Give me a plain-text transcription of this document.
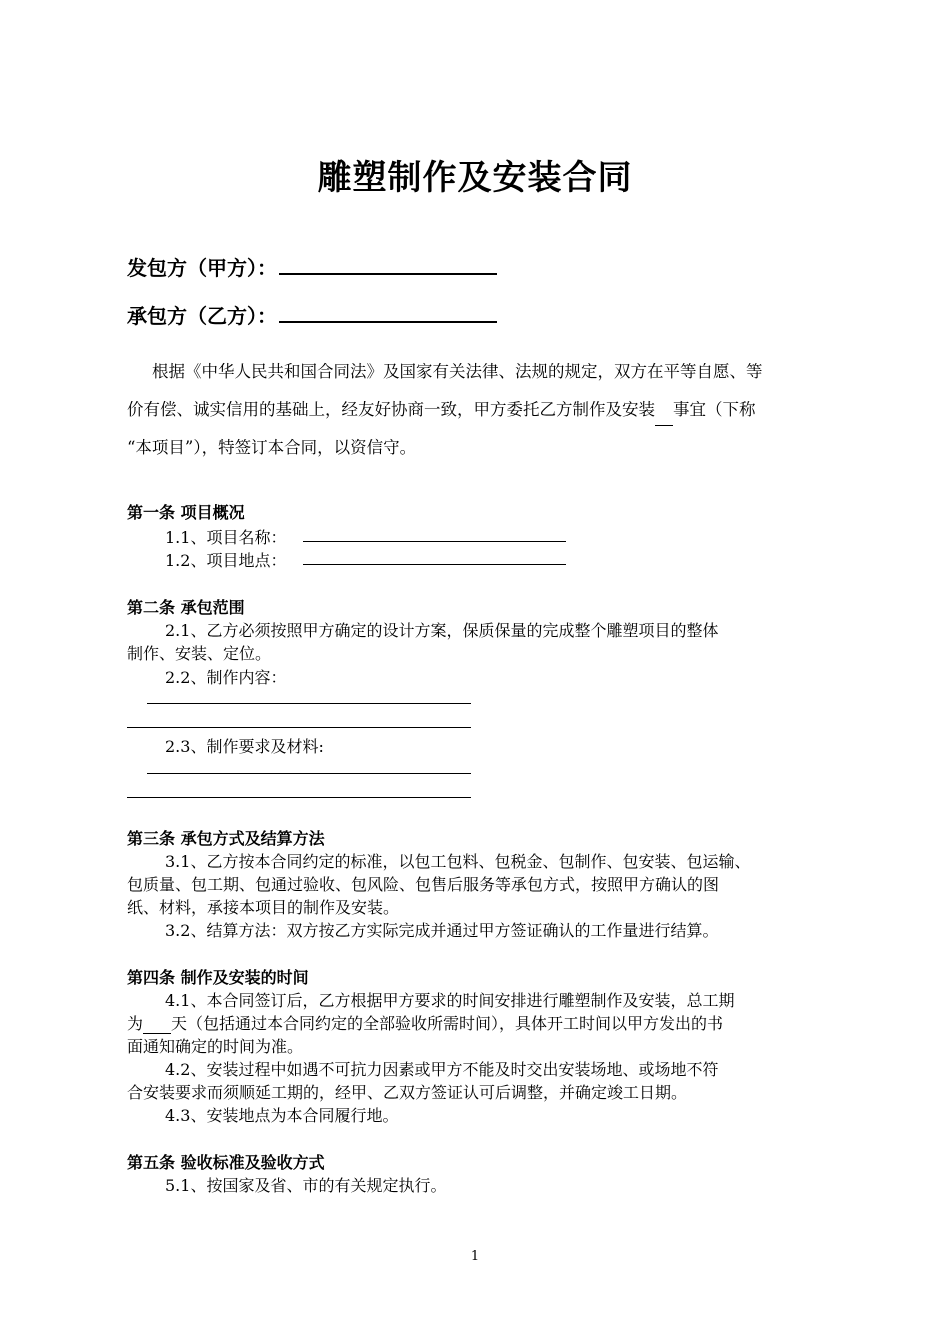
雕塑制作及安装合同
发包方（甲方）：
承包方（乙方）：
根据《中华人民共和国合同法》及国家有关法律、法规的规定，双方在平等自愿、等
价有偿、诚实信用的基础上，经友好协商一致，甲方委托乙方制作及安装 事宜（下称
“本项目”），特签订本合同，以资信守。
第一条 项目概况
1.1、项目名称：
1.2、项目地点：
第二条 承包范围
2.1、乙方必须按照甲方确定的设计方案，保质保量的完成整个雕塑项目的整体
制作、安装、定位。
2.2、制作内容：
2.3、制作要求及材料:
第三条 承包方式及结算方法
3.1、乙方按本合同约定的标准，以包工包料、包税金、包制作、包安装、包运输、
包质量、包工期、包通过验收、包风险、包售后服务等承包方式，按照甲方确认的图
纸、材料，承接本项目的制作及安装。
3.2、结算方法：双方按乙方实际完成并通过甲方签证确认的工作量进行结算。
第四条 制作及安装的时间
4.1、本合同签订后，乙方根据甲方要求的时间安排进行雕塑制作及安装，总工期
为 天（包括通过本合同约定的全部验收所需时间），具体开工时间以甲方发出的书
面通知确定的时间为准。
4.2、安装过程中如遇不可抗力因素或甲方不能及时交出安装场地、或场地不符
合安装要求而须顺延工期的，经甲、乙双方签证认可后调整，并确定竣工日期。
4.3、安装地点为本合同履行地。
第五条 验收标准及验收方式
5.1、按国家及省、市的有关规定执行。
1
